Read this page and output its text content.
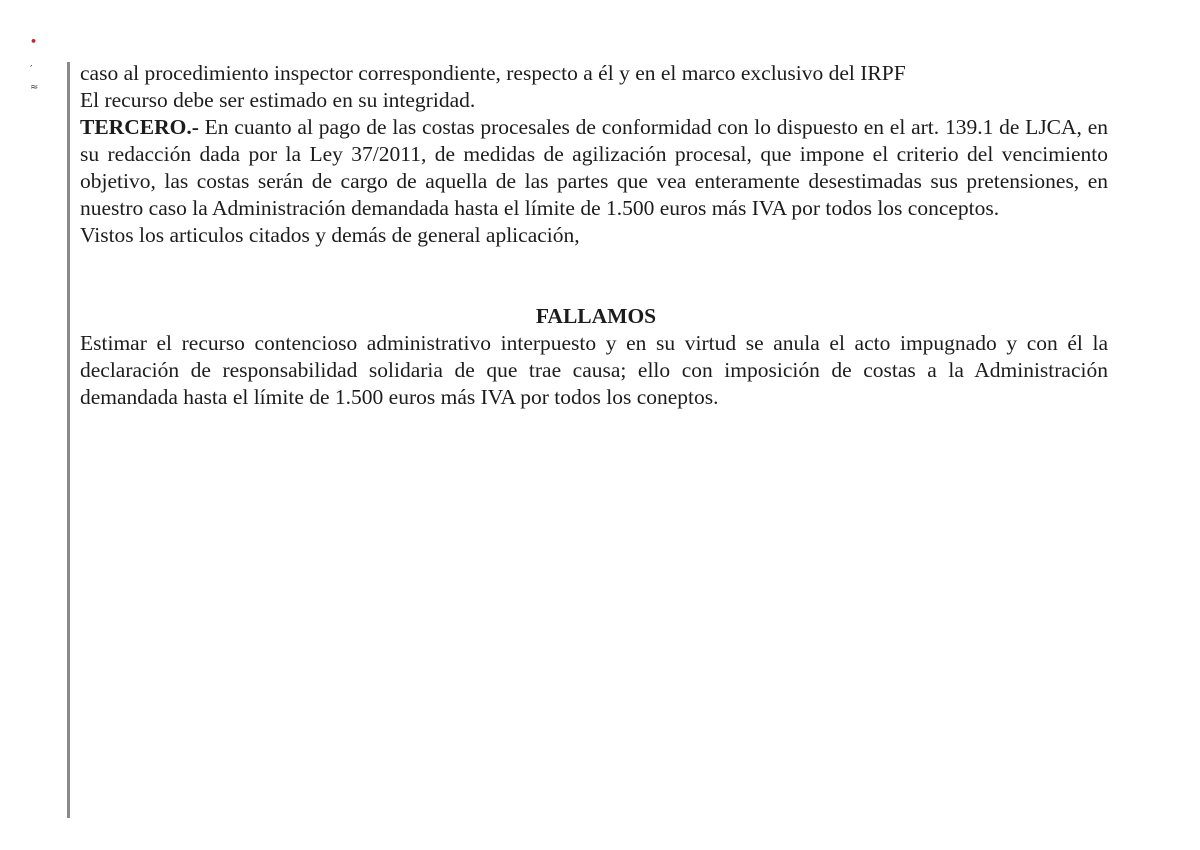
•
′
≈

caso al procedimiento inspector correspondiente, respecto a él y en el marco exclusivo del IRPF

El recurso debe ser estimado en su integridad.

TERCERO.- En cuanto al pago de las costas procesales de conformidad con lo dispuesto en el art. 139.1 de LJCA, en su redacción dada por la Ley 37/2011, de medidas de agilización procesal, que impone el criterio del vencimiento objetivo, las costas serán de cargo de aquella de las partes que vea enteramente desestimadas sus pretensiones, en nuestro caso la Administración demandada hasta el límite de 1.500 euros más IVA por todos los conceptos.

Vistos los articulos citados y demás de general aplicación,

FALLAMOS

Estimar el recurso contencioso administrativo interpuesto y en su virtud se anula el acto impugnado y con él la declaración de responsabilidad solidaria de que trae causa; ello con imposición de costas a la Administración demandada hasta el límite de 1.500 euros más IVA por todos los coneptos.
